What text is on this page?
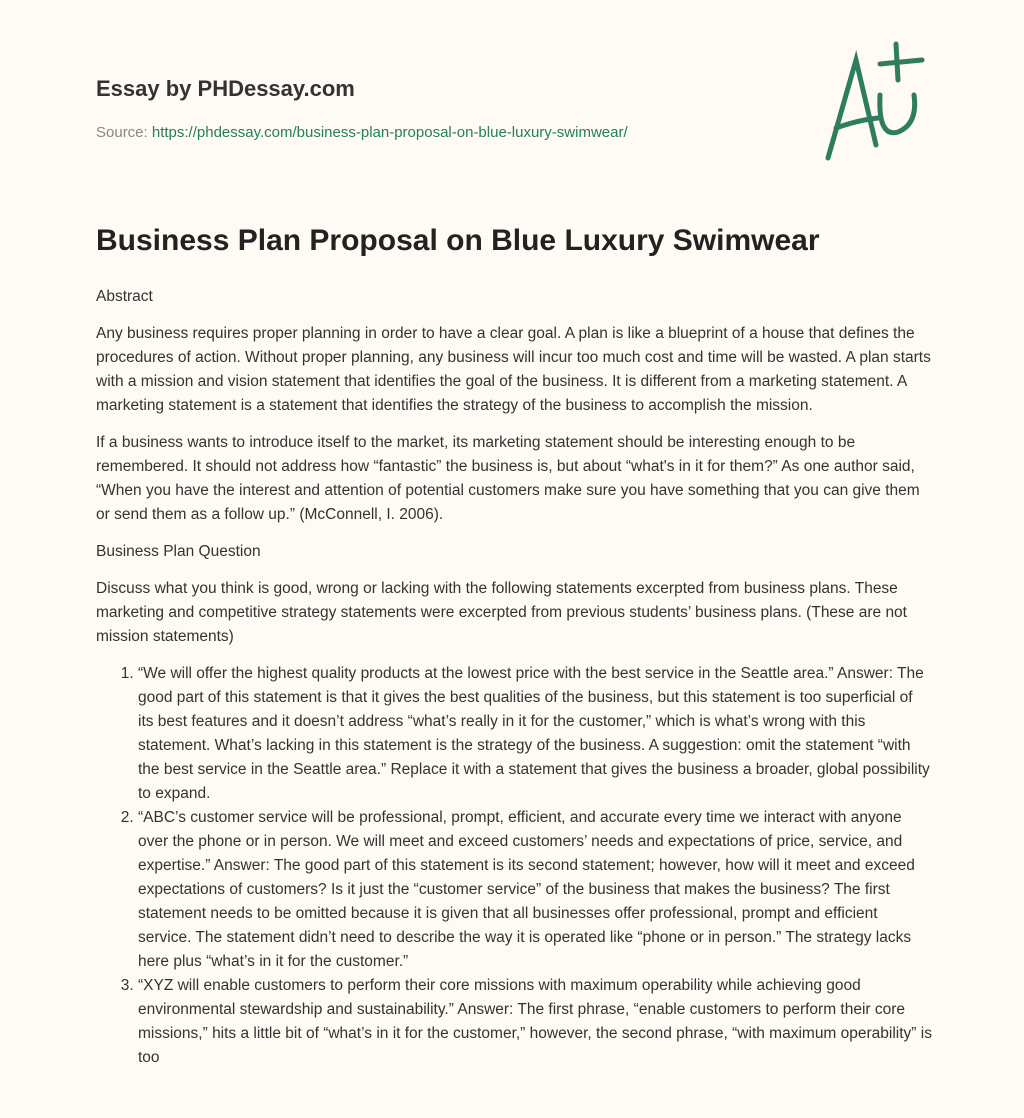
Essay by PHDessay.com
Source: https://phdessay.com/business-plan-proposal-on-blue-luxury-swimwear/
Business Plan Proposal on Blue Luxury Swimwear

Abstract

Any business requires proper planning in order to have a clear goal. A plan is like a blueprint of a house that defines the procedures of action. Without proper planning, any business will incur too much cost and time will be wasted. A plan starts with a mission and vision statement that identifies the goal of the business. It is different from a marketing statement. A marketing statement is a statement that identifies the strategy of the business to accomplish the mission.

If a business wants to introduce itself to the market, its marketing statement should be interesting enough to be remembered. It should not address how “fantastic” the business is, but about “what's in it for them?” As one author said, “When you have the interest and attention of potential customers make sure you have something that you can give them or send them as a follow up.” (McConnell, I. 2006).

Business Plan Question

Discuss what you think is good, wrong or lacking with the following statements excerpted from business plans. These marketing and competitive strategy statements were excerpted from previous students’ business plans. (These are not mission statements)

1. “We will offer the highest quality products at the lowest price with the best service in the Seattle area.” Answer: The good part of this statement is that it gives the best qualities of the business, but this statement is too superficial of its best features and it doesn’t address “what’s really in it for the customer,” which is what’s wrong with this statement. What’s lacking in this statement is the strategy of the business. A suggestion: omit the statement “with the best service in the Seattle area.” Replace it with a statement that gives the business a broader, global possibility to expand.
2. “ABC’s customer service will be professional, prompt, efficient, and accurate every time we interact with anyone over the phone or in person. We will meet and exceed customers’ needs and expectations of price, service, and expertise.” Answer: The good part of this statement is its second statement; however, how will it meet and exceed expectations of customers? Is it just the “customer service” of the business that makes the business? The first statement needs to be omitted because it is given that all businesses offer professional, prompt and efficient service. The statement didn’t need to describe the way it is operated like “phone or in person.” The strategy lacks here plus “what’s in it for the customer.”
3. “XYZ will enable customers to perform their core missions with maximum operability while achieving good environmental stewardship and sustainability.” Answer: The first phrase, “enable customers to perform their core missions,” hits a little bit of “what’s in it for the customer,” however, the second phrase, “with maximum operability” is too
